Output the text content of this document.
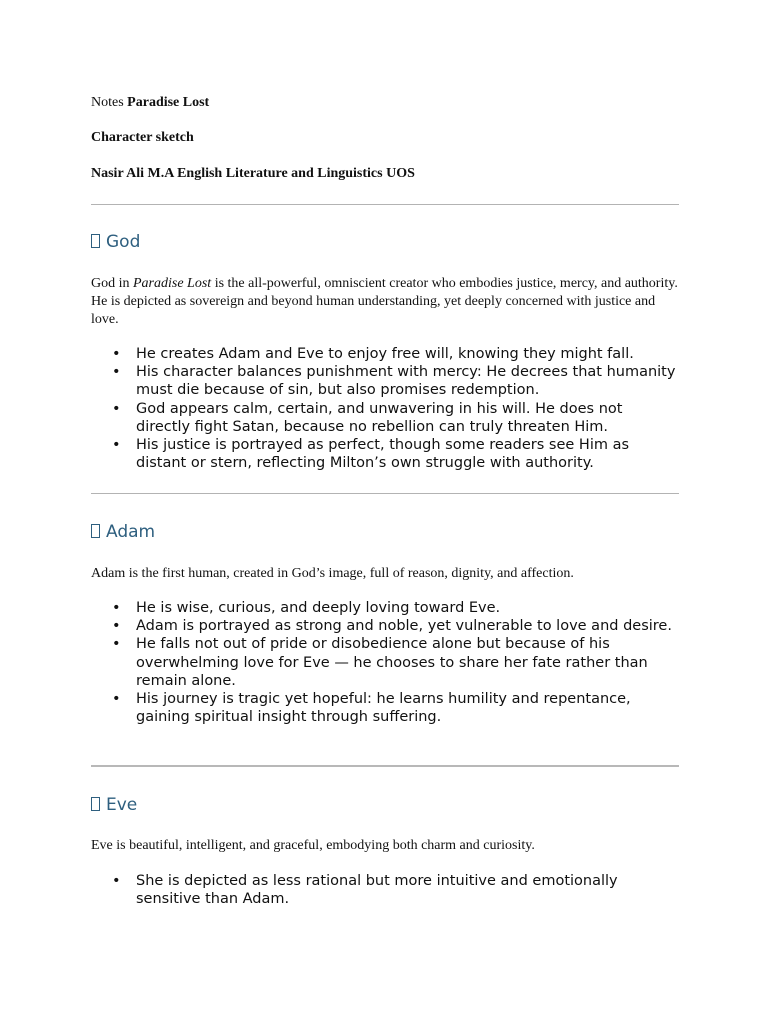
Notes Paradise Lost

Character sketch

Nasir Ali M.A English Literature and Linguistics UOS

God

God in Paradise Lost is the all-powerful, omniscient creator who embodies justice, mercy, and authority. He is depicted as sovereign and beyond human understanding, yet deeply concerned with justice and love.

• He creates Adam and Eve to enjoy free will, knowing they might fall.
• His character balances punishment with mercy: He decrees that humanity must die because of sin, but also promises redemption.
• God appears calm, certain, and unwavering in his will. He does not directly fight Satan, because no rebellion can truly threaten Him.
• His justice is portrayed as perfect, though some readers see Him as distant or stern, reflecting Milton’s own struggle with authority.
Adam

Adam is the first human, created in God’s image, full of reason, dignity, and affection.

• He is wise, curious, and deeply loving toward Eve.
• Adam is portrayed as strong and noble, yet vulnerable to love and desire.
• He falls not out of pride or disobedience alone but because of his overwhelming love for Eve — he chooses to share her fate rather than remain alone.
• His journey is tragic yet hopeful: he learns humility and repentance, gaining spiritual insight through suffering.
Eve

Eve is beautiful, intelligent, and graceful, embodying both charm and curiosity.

• She is depicted as less rational but more intuitive and emotionally sensitive than Adam.
